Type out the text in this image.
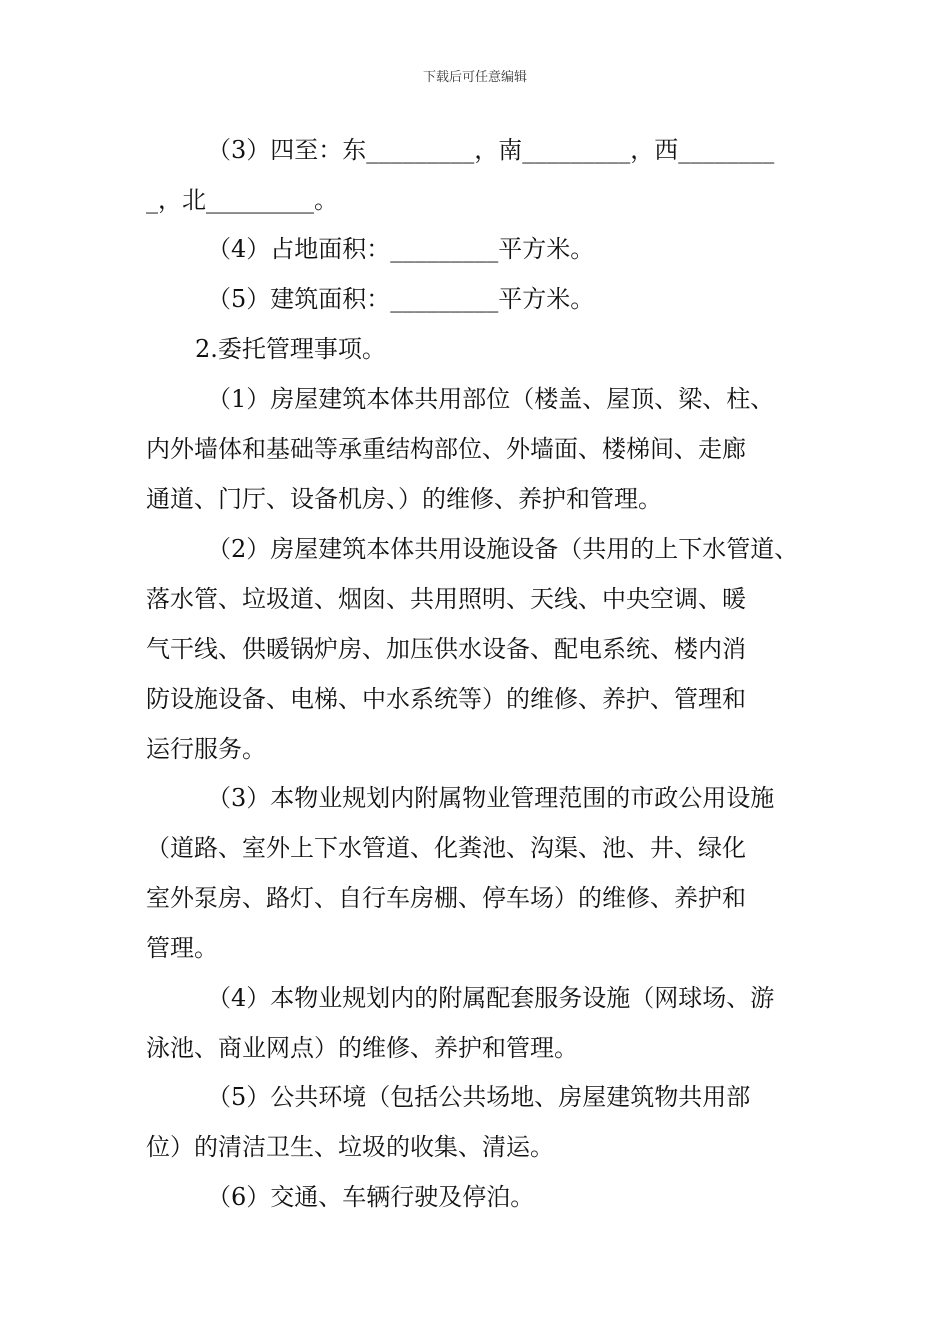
下载后可任意编辑
（3）四至：东_________，南_________，西________
_，北_________。
（4）占地面积：_________平方米。
（5）建筑面积：_________平方米。
2.委托管理事项。
（1）房屋建筑本体共用部位（楼盖、屋顶、梁、柱、
内外墙体和基础等承重结构部位、外墙面、楼梯间、走廊
通道、门厅、设备机房、）的维修、养护和管理。
（2）房屋建筑本体共用设施设备（共用的上下水管道、
落水管、垃圾道、烟囱、共用照明、天线、中央空调、暖
气干线、供暖锅炉房、加压供水设备、配电系统、楼内消
防设施设备、电梯、中水系统等）的维修、养护、管理和
运行服务。
（3）本物业规划内附属物业管理范围的市政公用设施
（道路、室外上下水管道、化粪池、沟渠、池、井、绿化
室外泵房、路灯、自行车房棚、停车场）的维修、养护和
管理。
（4）本物业规划内的附属配套服务设施（网球场、游
泳池、商业网点）的维修、养护和管理。
（5）公共环境（包括公共场地、房屋建筑物共用部
位）的清洁卫生、垃圾的收集、清运。
（6）交通、车辆行驶及停泊。
